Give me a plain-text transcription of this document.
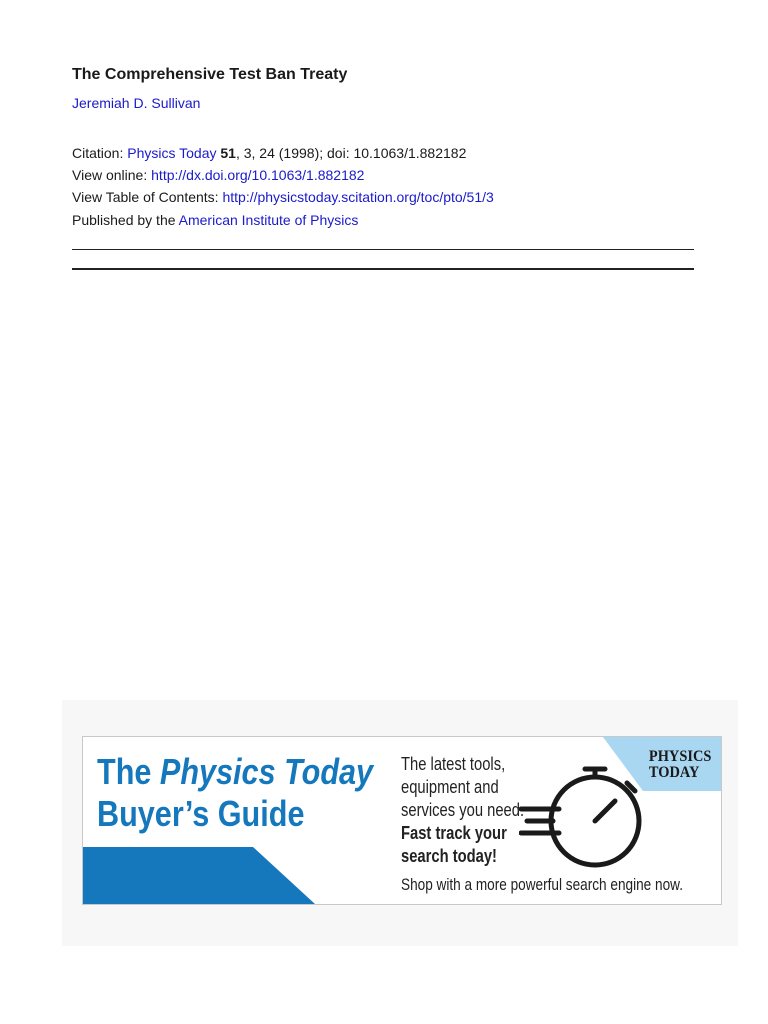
The Comprehensive Test Ban Treaty
Jeremiah D. Sullivan
Citation: Physics Today 51, 3, 24 (1998); doi: 10.1063/1.882182
View online: http://dx.doi.org/10.1063/1.882182
View Table of Contents: http://physicstoday.scitation.org/toc/pto/51/3
Published by the American Institute of Physics
The Physics Today
Buyer’s Guide
The latest tools,
equipment and
services you need.
Fast track your
search today!
Shop with a more powerful search engine now.
PHYSICS
TODAY
